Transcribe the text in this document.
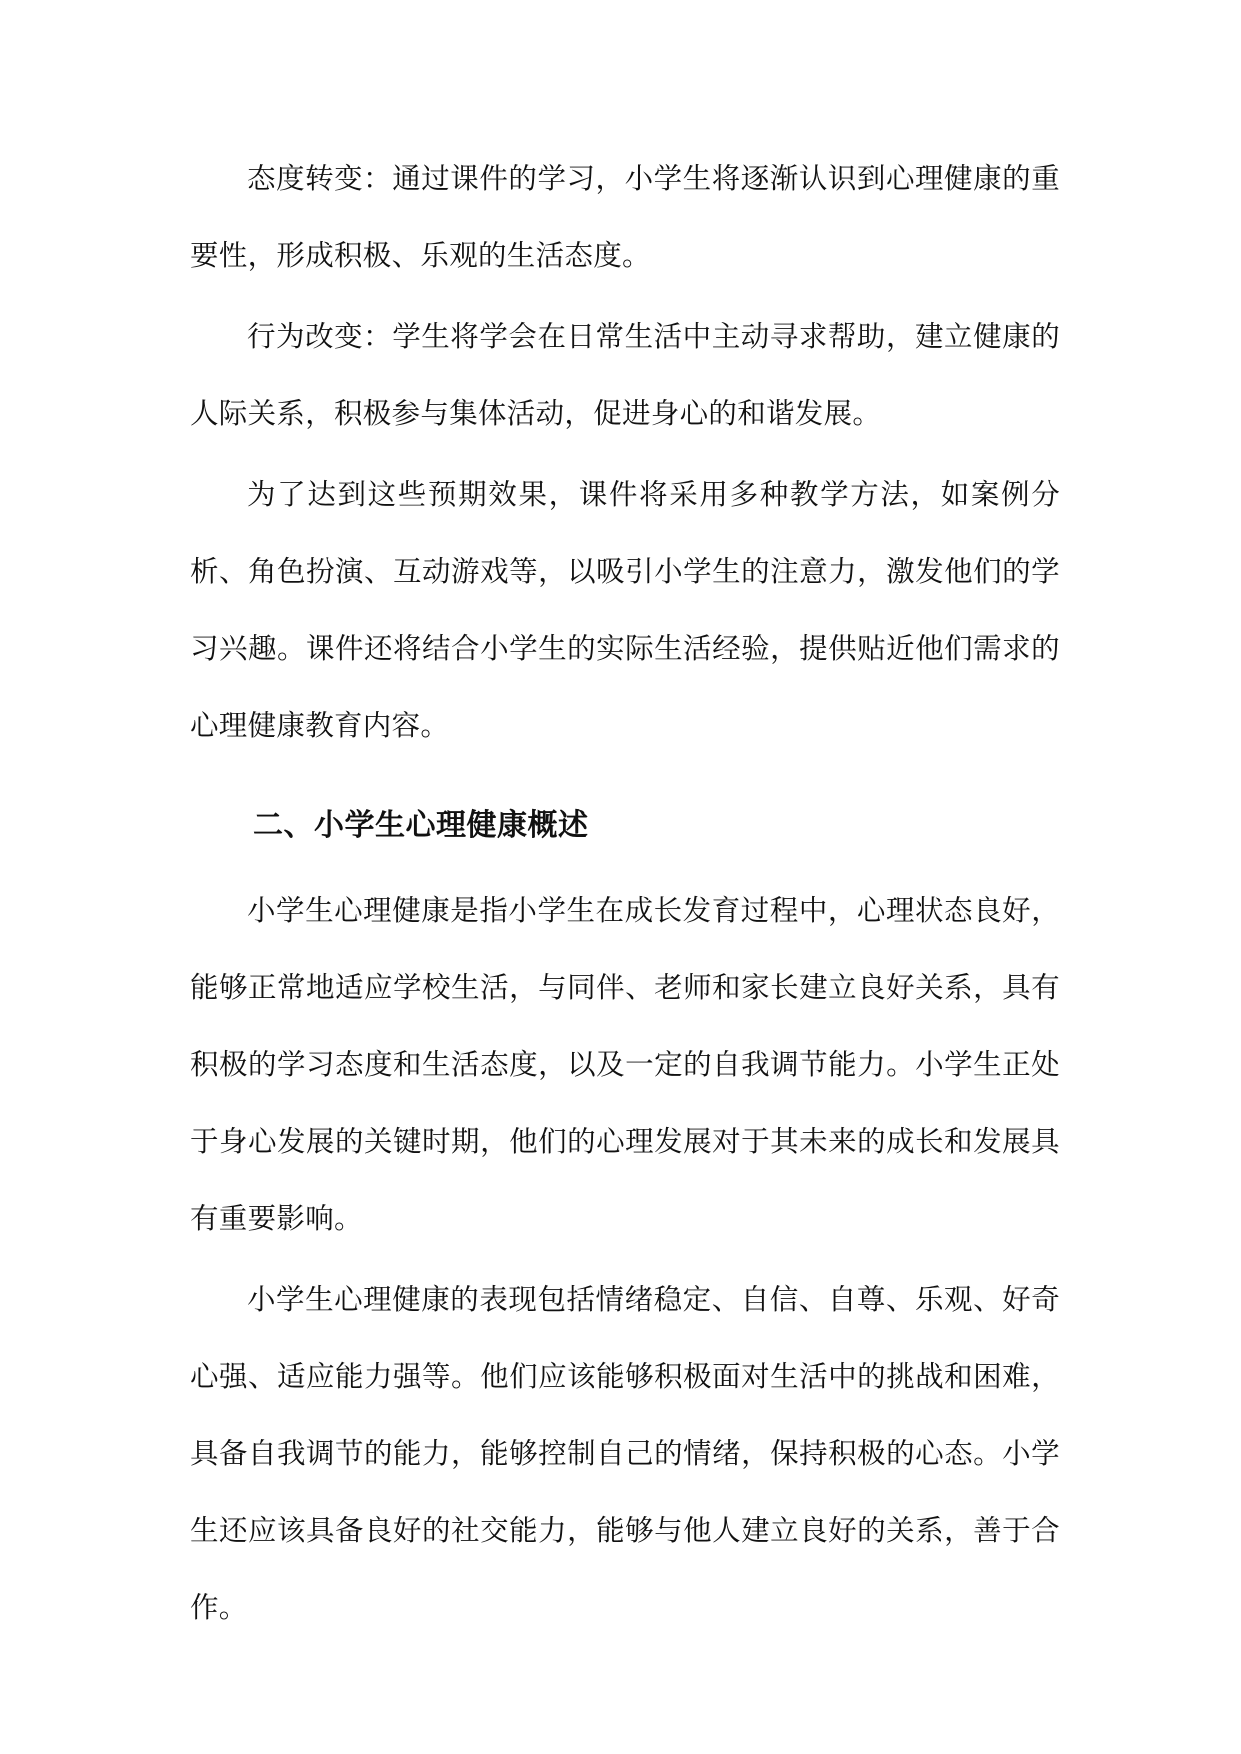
态度转变：通过课件的学习，小学生将逐渐认识到心理健康的重要性，形成积极、乐观的生活态度。

行为改变：学生将学会在日常生活中主动寻求帮助，建立健康的人际关系，积极参与集体活动，促进身心的和谐发展。

为了达到这些预期效果，课件将采用多种教学方法，如案例分析、角色扮演、互动游戏等，以吸引小学生的注意力，激发他们的学习兴趣。课件还将结合小学生的实际生活经验，提供贴近他们需求的心理健康教育内容。

二、小学生心理健康概述

小学生心理健康是指小学生在成长发育过程中，心理状态良好，能够正常地适应学校生活，与同伴、老师和家长建立良好关系，具有积极的学习态度和生活态度，以及一定的自我调节能力。小学生正处于身心发展的关键时期，他们的心理发展对于其未来的成长和发展具有重要影响。

小学生心理健康的表现包括情绪稳定、自信、自尊、乐观、好奇心强、适应能力强等。他们应该能够积极面对生活中的挑战和困难，具备自我调节的能力，能够控制自己的情绪，保持积极的心态。小学生还应该具备良好的社交能力，能够与他人建立良好的关系，善于合作。
